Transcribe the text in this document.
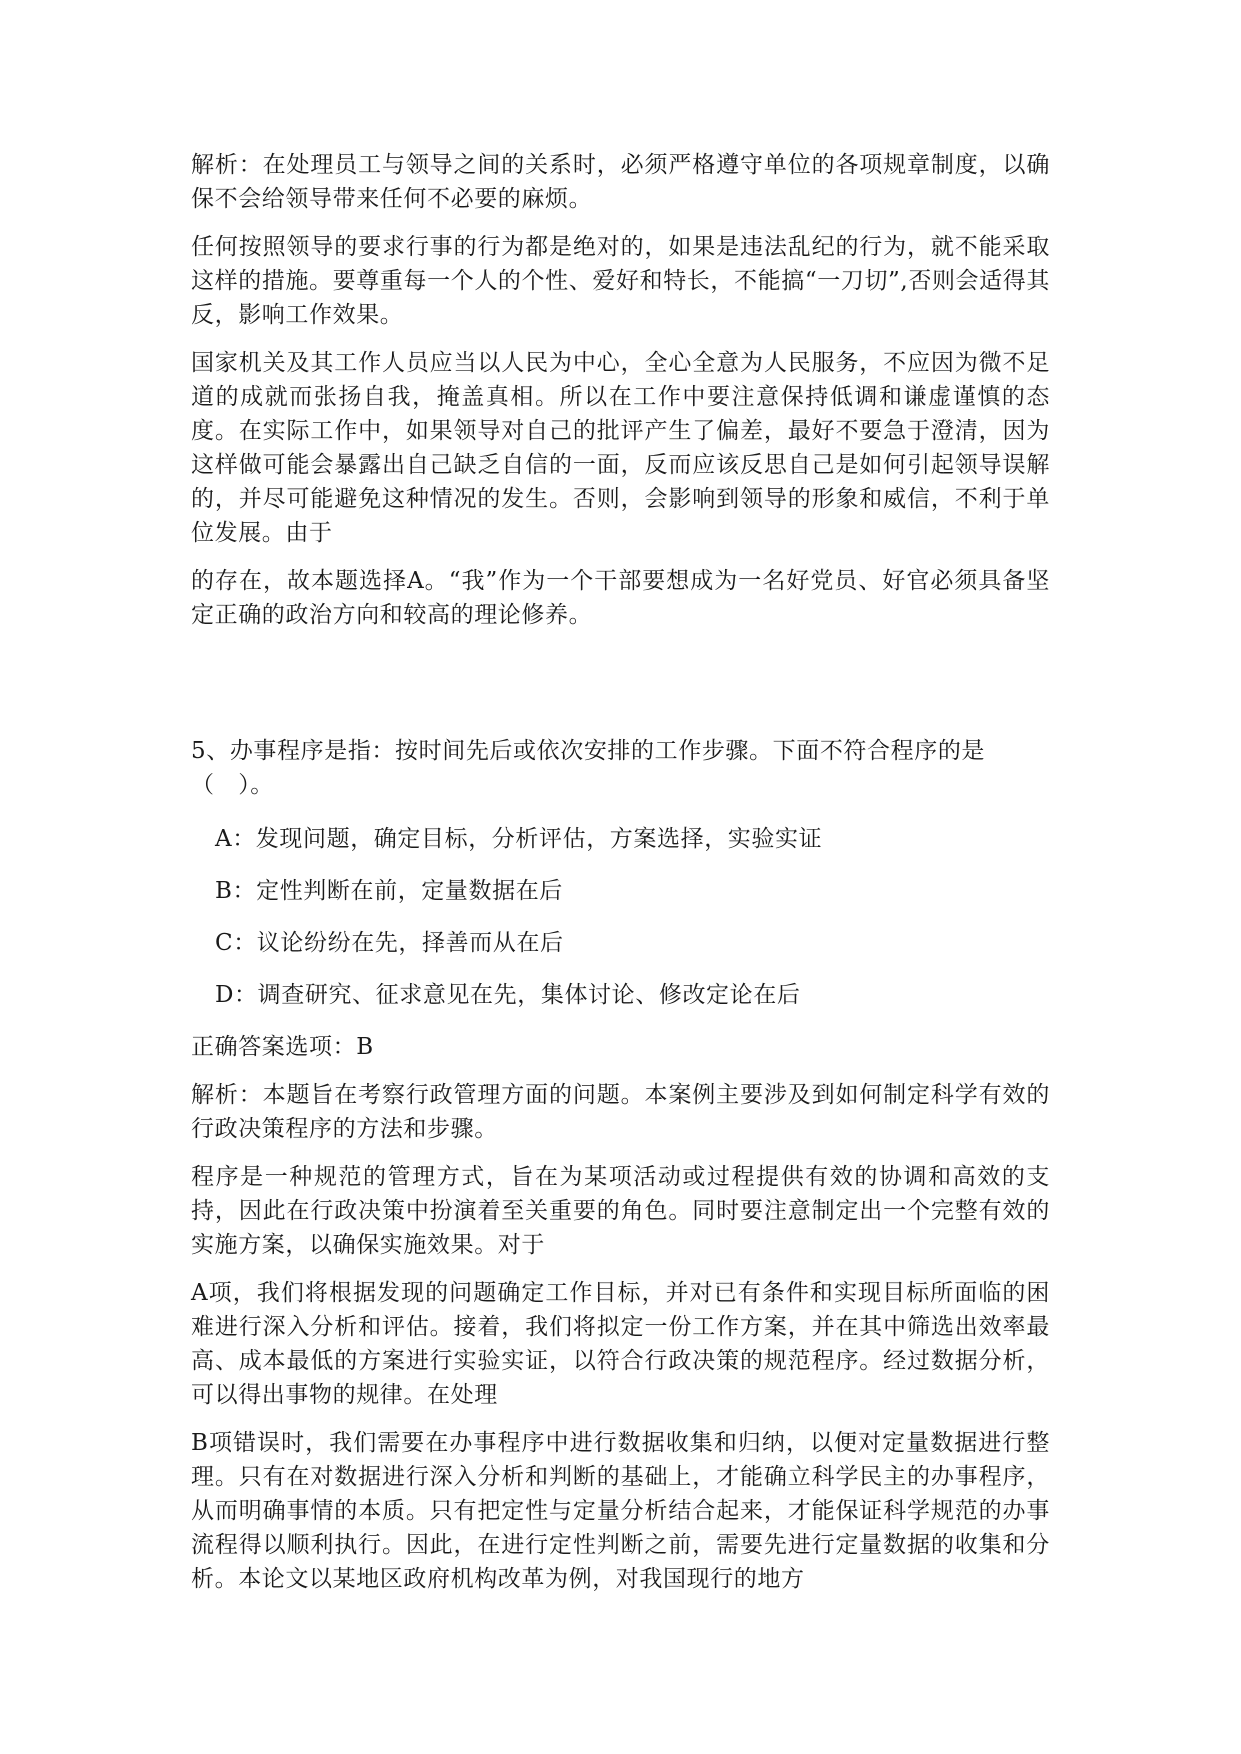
解析：在处理员工与领导之间的关系时，必须严格遵守单位的各项规章制度，以确保不会给领导带来任何不必要的麻烦。

任何按照领导的要求行事的行为都是绝对的，如果是违法乱纪的行为，就不能采取这样的措施。要尊重每一个人的个性、爱好和特长，不能搞“一刀切”,否则会适得其反，影响工作效果。

国家机关及其工作人员应当以人民为中心，全心全意为人民服务，不应因为微不足道的成就而张扬自我，掩盖真相。所以在工作中要注意保持低调和谦虚谨慎的态度。在实际工作中，如果领导对自己的批评产生了偏差，最好不要急于澄清，因为这样做可能会暴露出自己缺乏自信的一面，反而应该反思自己是如何引起领导误解的，并尽可能避免这种情况的发生。否则，会影响到领导的形象和威信，不利于单位发展。由于

的存在，故本题选择A。“我”作为一个干部要想成为一名好党员、好官必须具备坚定正确的政治方向和较高的理论修养。

5、办事程序是指：按时间先后或依次安排的工作步骤。下面不符合程序的是（　）。

A：发现问题，确定目标，分析评估，方案选择，实验实证

B：定性判断在前，定量数据在后

C：议论纷纷在先，择善而从在后

D：调查研究、征求意见在先，集体讨论、修改定论在后

正确答案选项：B

解析：本题旨在考察行政管理方面的问题。本案例主要涉及到如何制定科学有效的行政决策程序的方法和步骤。

程序是一种规范的管理方式，旨在为某项活动或过程提供有效的协调和高效的支持，因此在行政决策中扮演着至关重要的角色。同时要注意制定出一个完整有效的实施方案，以确保实施效果。对于

A项，我们将根据发现的问题确定工作目标，并对已有条件和实现目标所面临的困难进行深入分析和评估。接着，我们将拟定一份工作方案，并在其中筛选出效率最高、成本最低的方案进行实验实证，以符合行政决策的规范程序。经过数据分析，可以得出事物的规律。在处理

B项错误时，我们需要在办事程序中进行数据收集和归纳，以便对定量数据进行整理。只有在对数据进行深入分析和判断的基础上，才能确立科学民主的办事程序，从而明确事情的本质。只有把定性与定量分析结合起来，才能保证科学规范的办事流程得以顺利执行。因此，在进行定性判断之前，需要先进行定量数据的收集和分析。本论文以某地区政府机构改革为例，对我国现行的地方
